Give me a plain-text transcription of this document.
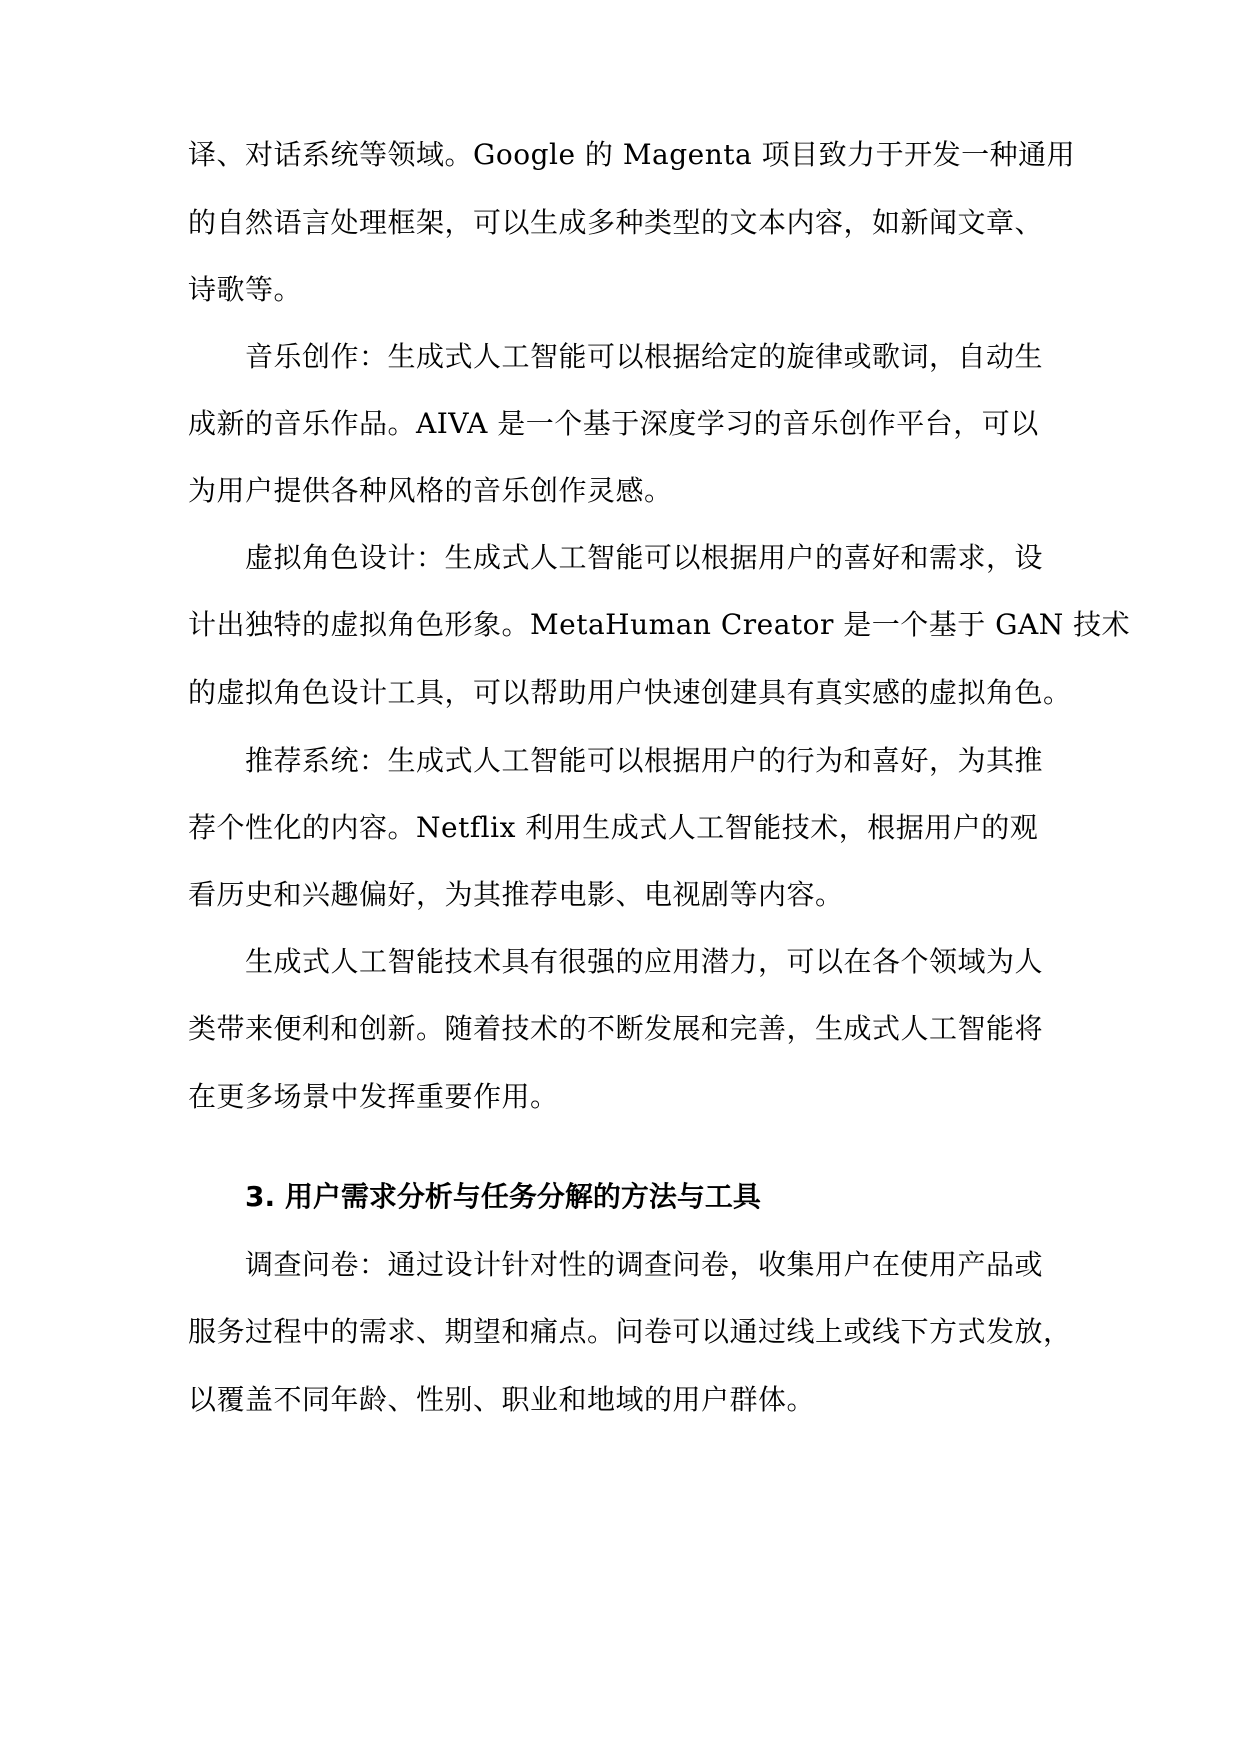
译、对话系统等领域。Google 的 Magenta 项目致力于开发一种通用

的自然语言处理框架，可以生成多种类型的文本内容，如新闻文章、

诗歌等。

音乐创作：生成式人工智能可以根据给定的旋律或歌词，自动生

成新的音乐作品。AIVA 是一个基于深度学习的音乐创作平台，可以

为用户提供各种风格的音乐创作灵感。

虚拟角色设计：生成式人工智能可以根据用户的喜好和需求，设

计出独特的虚拟角色形象。MetaHuman Creator 是一个基于 GAN 技术

的虚拟角色设计工具，可以帮助用户快速创建具有真实感的虚拟角色。

推荐系统：生成式人工智能可以根据用户的行为和喜好，为其推

荐个性化的内容。Netflix 利用生成式人工智能技术，根据用户的观

看历史和兴趣偏好，为其推荐电影、电视剧等内容。

生成式人工智能技术具有很强的应用潜力，可以在各个领域为人

类带来便利和创新。随着技术的不断发展和完善，生成式人工智能将

在更多场景中发挥重要作用。

3. 用户需求分析与任务分解的方法与工具

调查问卷：通过设计针对性的调查问卷，收集用户在使用产品或

服务过程中的需求、期望和痛点。问卷可以通过线上或线下方式发放，

以覆盖不同年龄、性别、职业和地域的用户群体。
